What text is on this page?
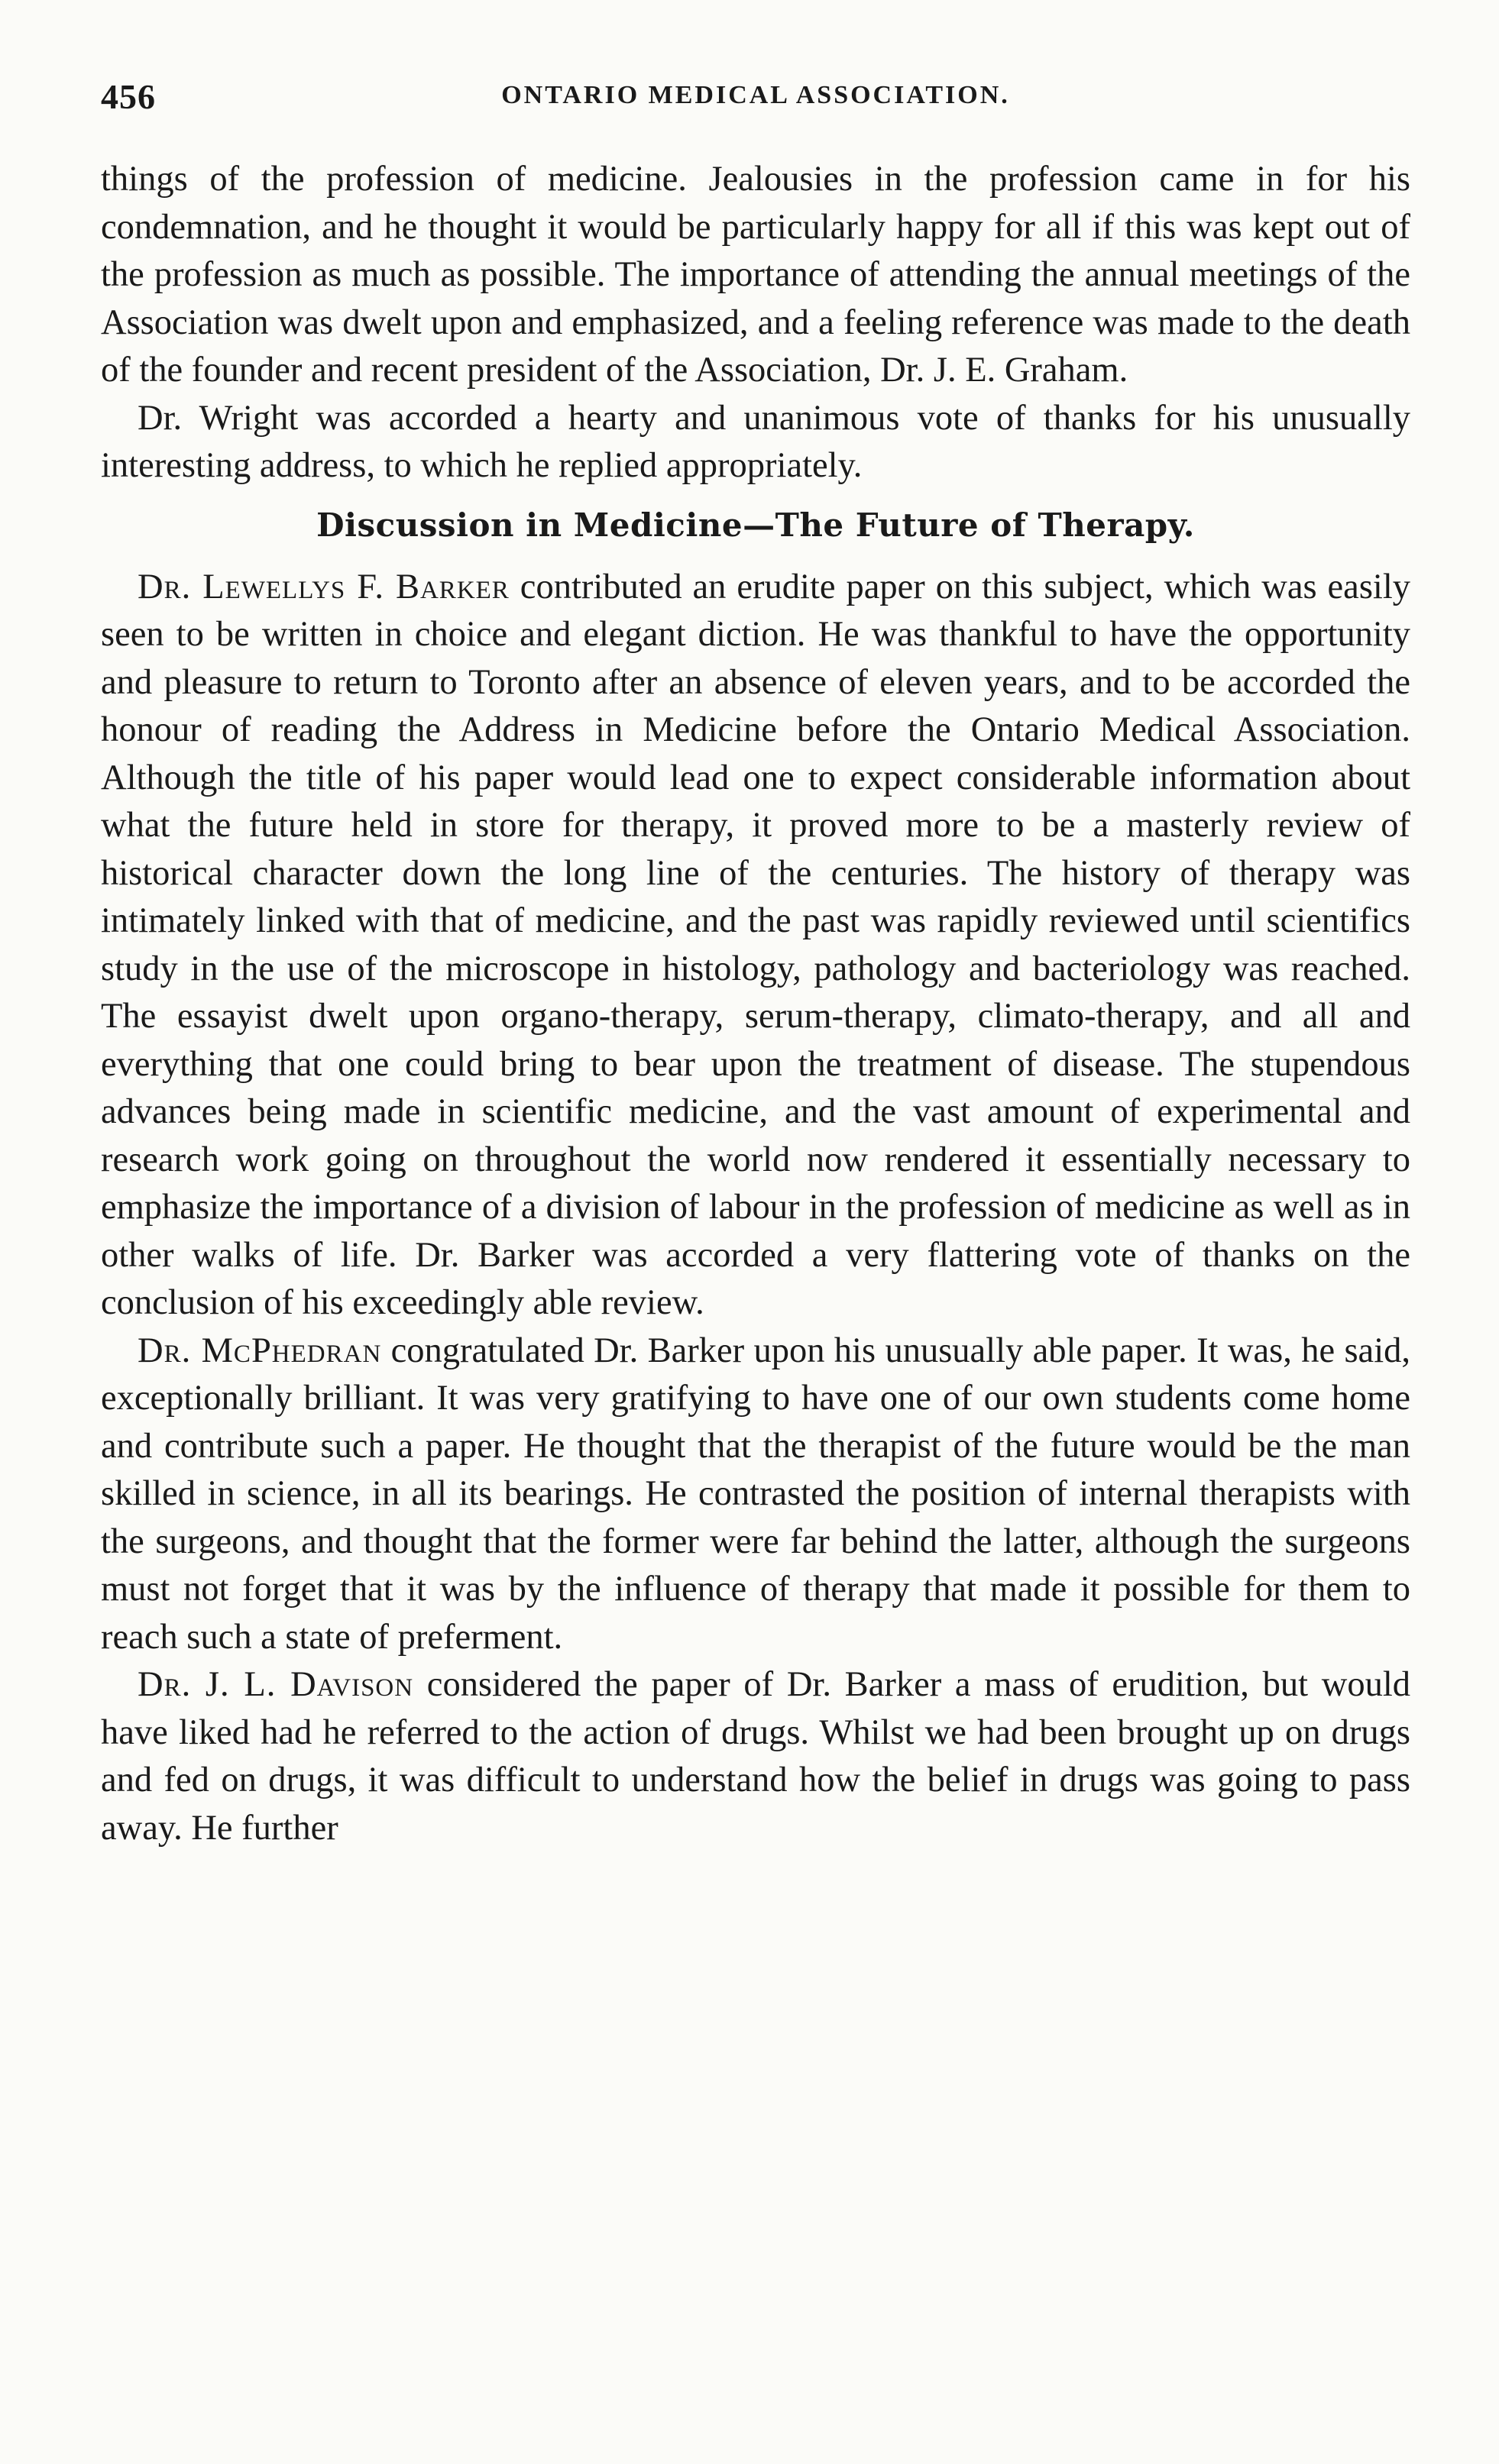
456	ONTARIO MEDICAL ASSOCIATION.

things of the profession of medicine. Jealousies in the profession came in for his condemnation, and he thought it would be particularly happy for all if this was kept out of the profession as much as possible. The importance of attending the annual meetings of the Association was dwelt upon and emphasized, and a feeling reference was made to the death of the founder and recent president of the Association, Dr. J. E. Graham.

Dr. Wright was accorded a hearty and unanimous vote of thanks for his unusually interesting address, to which he replied appropriately.

Discussion in Medicine—The Future of Therapy.

Dr. Lewellys F. Barker contributed an erudite paper on this subject, which was easily seen to be written in choice and elegant diction. He was thankful to have the opportunity and pleasure to return to Toronto after an absence of eleven years, and to be accorded the honour of reading the Address in Medicine before the Ontario Medical Association. Although the title of his paper would lead one to expect considerable information about what the future held in store for therapy, it proved more to be a masterly review of historical character down the long line of the centuries. The history of therapy was intimately linked with that of medicine, and the past was rapidly reviewed until scientifics study in the use of the microscope in histology, pathology and bacteriology was reached. The essayist dwelt upon organo-therapy, serum-therapy, climato-therapy, and all and everything that one could bring to bear upon the treatment of disease. The stupendous advances being made in scientific medicine, and the vast amount of experimental and research work going on throughout the world now rendered it essentially necessary to emphasize the importance of a division of labour in the profession of medicine as well as in other walks of life. Dr. Barker was accorded a very flattering vote of thanks on the conclusion of his exceedingly able review.

Dr. McPhedran congratulated Dr. Barker upon his unusually able paper. It was, he said, exceptionally brilliant. It was very gratifying to have one of our own students come home and contribute such a paper. He thought that the therapist of the future would be the man skilled in science, in all its bearings. He contrasted the position of internal therapists with the surgeons, and thought that the former were far behind the latter, although the surgeons must not forget that it was by the influence of therapy that made it possible for them to reach such a state of preferment.

Dr. J. L. Davison considered the paper of Dr. Barker a mass of erudition, but would have liked had he referred to the action of drugs. Whilst we had been brought up on drugs and fed on drugs, it was difficult to understand how the belief in drugs was going to pass away. He further
